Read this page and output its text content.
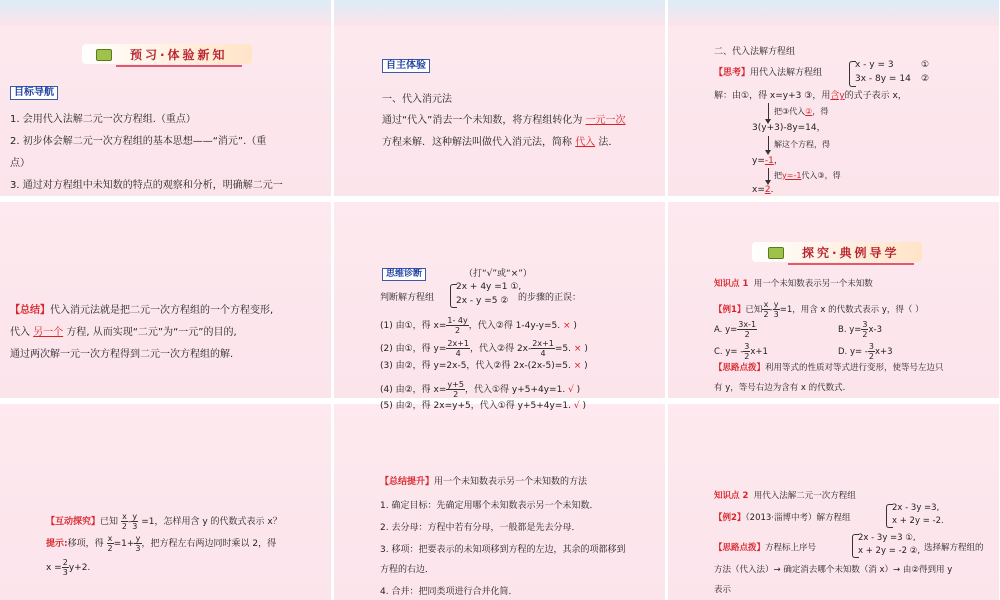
预习·体验新知
目标导航
1. 会用代入法解二元一次方程组.（重点）
2. 初步体会解二元一次方程组的基本思想——“消元”.（重
点）
3. 通过对方程组中未知数的特点的观察和分析，明确解二元一
自主体验
一、代入消元法
通过“代入”消去一个未知数，将方程组转化为 一元一次
方程来解．这种解法叫做代入消元法，简称 代入 法．
二、代入法解方程组
【思考】用代入法解方程组
x - y = 3	①
3x - 8y = 14 ②
解：由①，得 x=y+3 ③，用含y的式子表示 x，
把③代入②，得
3(y+3)-8y=14，
解这个方程，得
y=-1，
把y=-1代入③，得
x=2.
【总结】代入消元法就是把二元一次方程组的一个方程变形,
代入 另一个 方程, 从而实现“二元”为“一元”的目的,
通过两次解一元一次方程得到二元一次方程组的解.
思维诊断	（打“√”或“×”）
判断解方程组
2x + 4y =1 ①,
2x - y =5 ② 的步骤的正误：
(1) 由①，得 $x= \frac{1- 4y}{2}$ ，代入②得 1-4y-y=5. × )
(2) 由①，得 $y= \frac{2x+1}{4}$ ，代入②得 $2x- \frac{2x+1}{4} =5$. × )
(3) 由②，得 y=2x-5，代入②得 2x-(2x-5)=5. × )
(4) 由②，得 $x= \frac{y+5}{2}$ ，代入①得 y+5+4y=1. √ )
(5) 由②，得 2x=y+5，代入①得 y+5+4y=1. √ )
探究·典例导学
知识点 1 用一个未知数表示另一个未知数
【例1】已知 $\frac{x}{2} - \frac{y}{3} =1$，用含 x 的代数式表示 y，得（ ）
A. $y= \frac{3x-1}{2}$	B. $y= \frac{3}{2} x-3$
C. $y= - \frac{3}{2} x+1$	D. $y= - \frac{3}{2} x+3$
【思路点拨】利用等式的性质对等式进行变形，使等号左边只
有 y，等号右边为含有 x 的代数式.
【互动探究】已知 $\frac{x}{2} - \frac{y}{3} =1$，怎样用含 y 的代数式表示 x？
提示:移项，得 $\frac{x}{2} =1+ \frac{y}{3}$ ，把方程左右两边同时乘以 2，得
$x = \frac{2}{3} y+2$.
【总结提升】用一个未知数表示另一个未知数的方法
1. 确定目标：先确定用哪个未知数表示另一个未知数．
2. 去分母：方程中若有分母，一般都是先去分母．
3. 移项：把要表示的未知项移到方程的左边，其余的项都移到
方程的右边．
4. 合并：把同类项进行合并化简．
知识点 2 用代入法解二元一次方程组
【例2】（2013·淄博中考）解方程组
2x - 3y =3,
x + 2y = -2.
【思路点拨】方程标上序号
2x - 3y =3 ①,
x + 2y = -2 ②, 选择解方程组的
方法（代入法）→ 确定消去哪个未知数（消 x）→ 由②得到用 y
表示
